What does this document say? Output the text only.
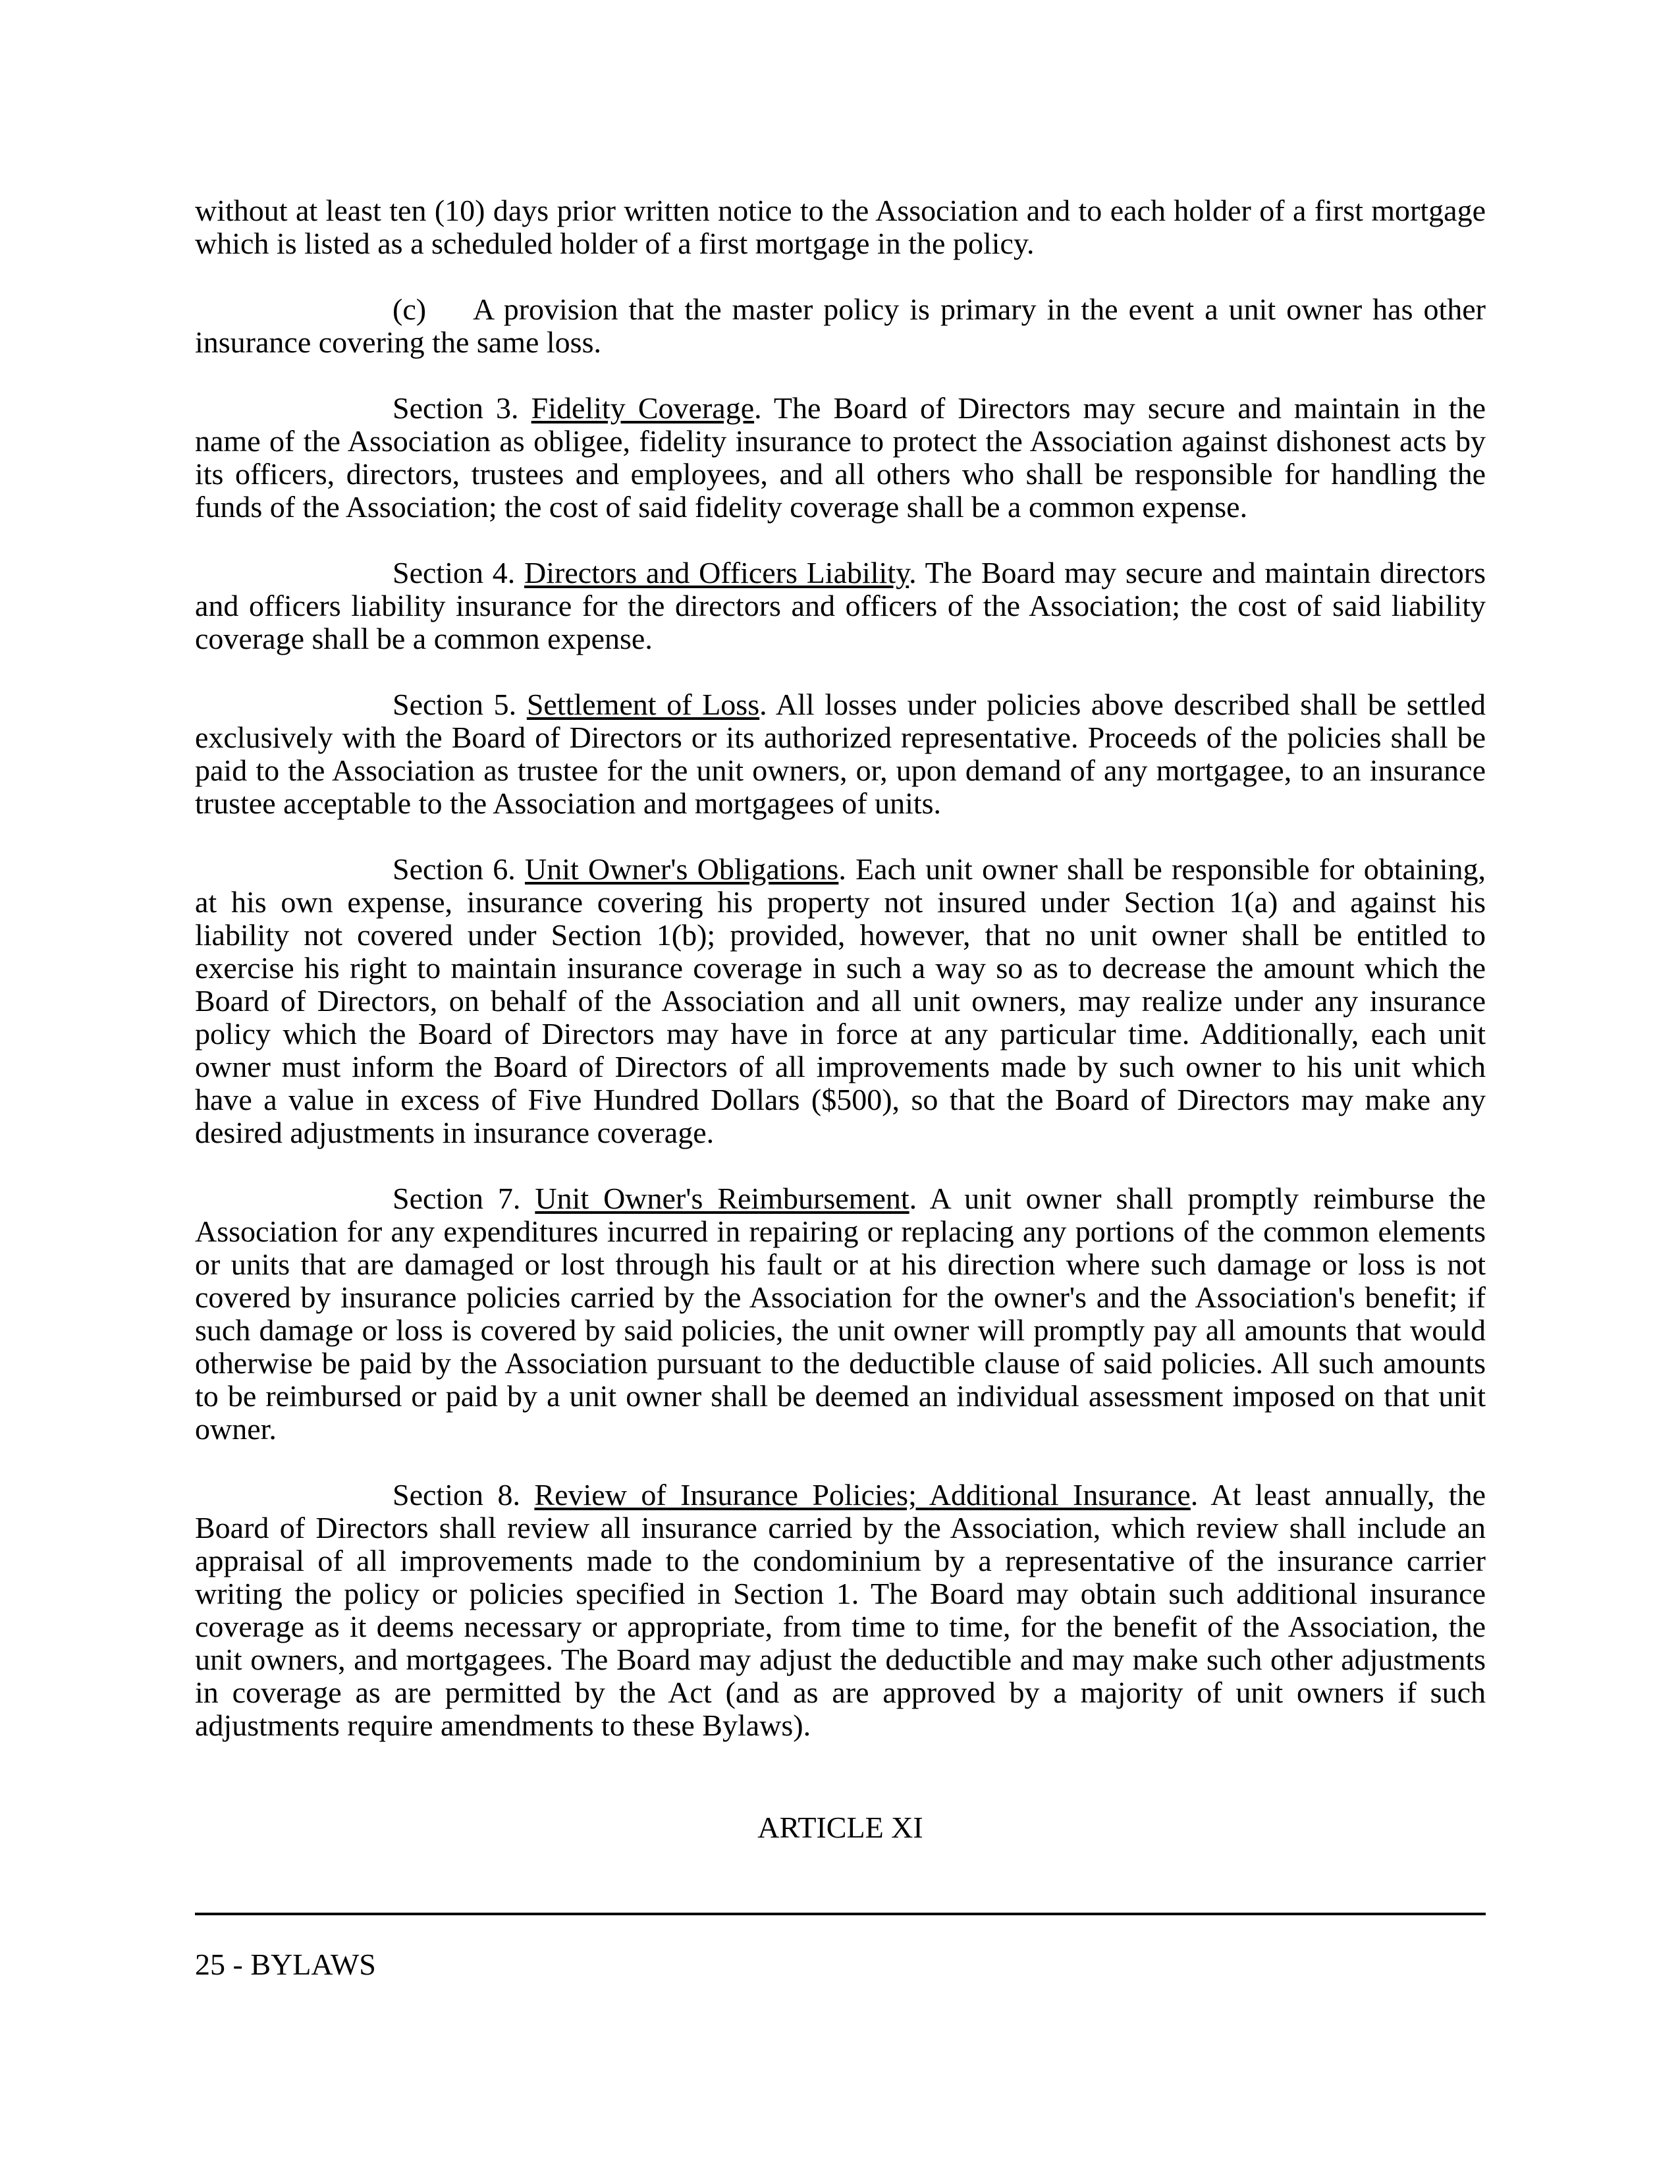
without at least ten (10) days prior written notice to the Association and to each holder of a first mortgage which is listed as a scheduled holder of a first mortgage in the policy.

(c) A provision that the master policy is primary in the event a unit owner has other insurance covering the same loss.

Section 3. Fidelity Coverage. The Board of Directors may secure and maintain in the name of the Association as obligee, fidelity insurance to protect the Association against dishonest acts by its officers, directors, trustees and employees, and all others who shall be responsible for handling the funds of the Association; the cost of said fidelity coverage shall be a common expense.

Section 4. Directors and Officers Liability. The Board may secure and maintain directors and officers liability insurance for the directors and officers of the Association; the cost of said liability coverage shall be a common expense.

Section 5. Settlement of Loss. All losses under policies above described shall be settled exclusively with the Board of Directors or its authorized representative. Proceeds of the policies shall be paid to the Association as trustee for the unit owners, or, upon demand of any mortgagee, to an insurance trustee acceptable to the Association and mortgagees of units.

Section 6. Unit Owner's Obligations. Each unit owner shall be responsible for obtaining, at his own expense, insurance covering his property not insured under Section 1(a) and against his liability not covered under Section 1(b); provided, however, that no unit owner shall be entitled to exercise his right to maintain insurance coverage in such a way so as to decrease the amount which the Board of Directors, on behalf of the Association and all unit owners, may realize under any insurance policy which the Board of Directors may have in force at any particular time. Additionally, each unit owner must inform the Board of Directors of all improvements made by such owner to his unit which have a value in excess of Five Hundred Dollars ($500), so that the Board of Directors may make any desired adjustments in insurance coverage.

Section 7. Unit Owner's Reimbursement. A unit owner shall promptly reimburse the Association for any expenditures incurred in repairing or replacing any portions of the common elements or units that are damaged or lost through his fault or at his direction where such damage or loss is not covered by insurance policies carried by the Association for the owner's and the Association's benefit; if such damage or loss is covered by said policies, the unit owner will promptly pay all amounts that would otherwise be paid by the Association pursuant to the deductible clause of said policies. All such amounts to be reimbursed or paid by a unit owner shall be deemed an individual assessment imposed on that unit owner.

Section 8. Review of Insurance Policies; Additional Insurance. At least annually, the Board of Directors shall review all insurance carried by the Association, which review shall include an appraisal of all improvements made to the condominium by a representative of the insurance carrier writing the policy or policies specified in Section 1. The Board may obtain such additional insurance coverage as it deems necessary or appropriate, from time to time, for the benefit of the Association, the unit owners, and mortgagees. The Board may adjust the deductible and may make such other adjustments in coverage as are permitted by the Act (and as are approved by a majority of unit owners if such adjustments require amendments to these Bylaws).

ARTICLE XI
25 - BYLAWS
